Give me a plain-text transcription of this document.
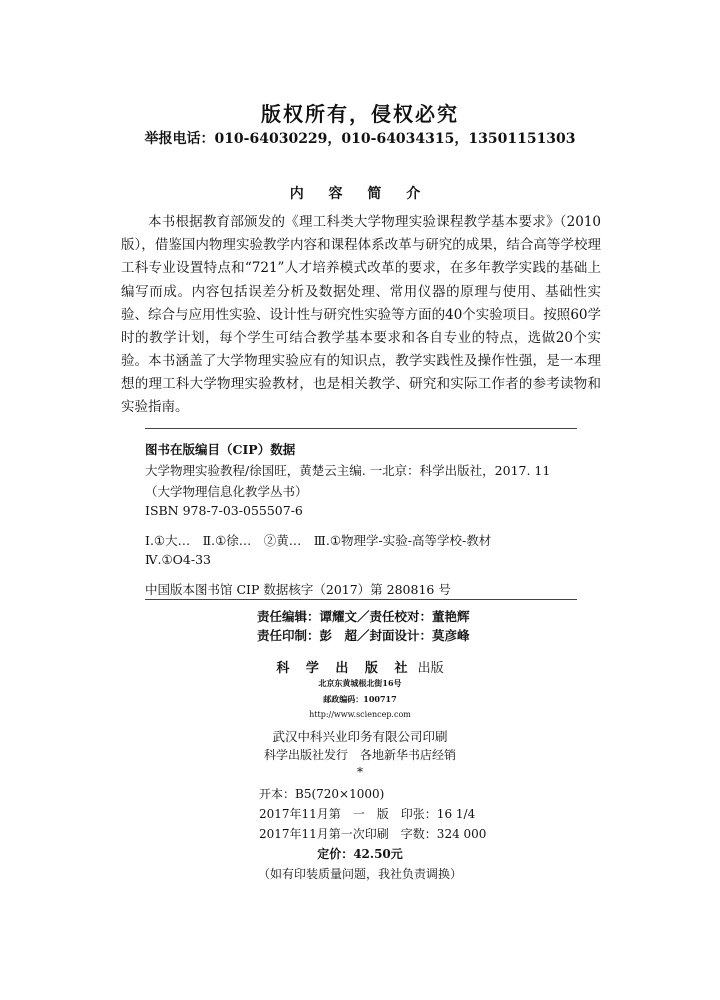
版权所有，侵权必究
举报电话：010-64030229，010-64034315，13501151303
内 容 简 介
本书根据教育部颁发的《理工科类大学物理实验课程教学基本要求》（2010版），借鉴国内物理实验教学内容和课程体系改革与研究的成果，结合高等学校理工科专业设置特点和“721”人才培养模式改革的要求，在多年教学实践的基础上编写而成。内容包括误差分析及数据处理、常用仪器的原理与使用、基础性实验、综合与应用性实验、设计性与研究性实验等方面的40个实验项目。按照60学时的教学计划，每个学生可结合教学基本要求和各自专业的特点，选做20个实验。 本书涵盖了大学物理实验应有的知识点，教学实践性及操作性强，是一本理想的理工科大学物理实验教材，也是相关教学、研究和实际工作者的参考读物和实验指南。
图书在版编目（CIP）数据
大学物理实验教程/徐国旺，黄楚云主编. 一北京：科学出版社，2017. 11
（大学物理信息化教学丛书）
ISBN 978-7-03-055507-6
Ⅰ.①大…　Ⅱ.①徐…　②黄…　Ⅲ.①物理学-实验-高等学校-教材
Ⅳ.①O4-33
中国版本图书馆 CIP 数据核字（2017）第 280816 号
责任编辑：谭耀文／责任校对：董艳辉
责任印制：彭　超／封面设计：莫彦峰
科 学 出 版 社 出版
北京东黄城根北街16号
邮政编码：100717
http://www.sciencep.com
武汉中科兴业印务有限公司印刷
科学出版社发行　各地新华书店经销
*
开本：B5(720×1000)
2017年11月第　一　版　印张：16 1/4
2017年11月第一次印刷　字数：324 000
定价：42.50元
（如有印装质量问题，我社负责调换）
